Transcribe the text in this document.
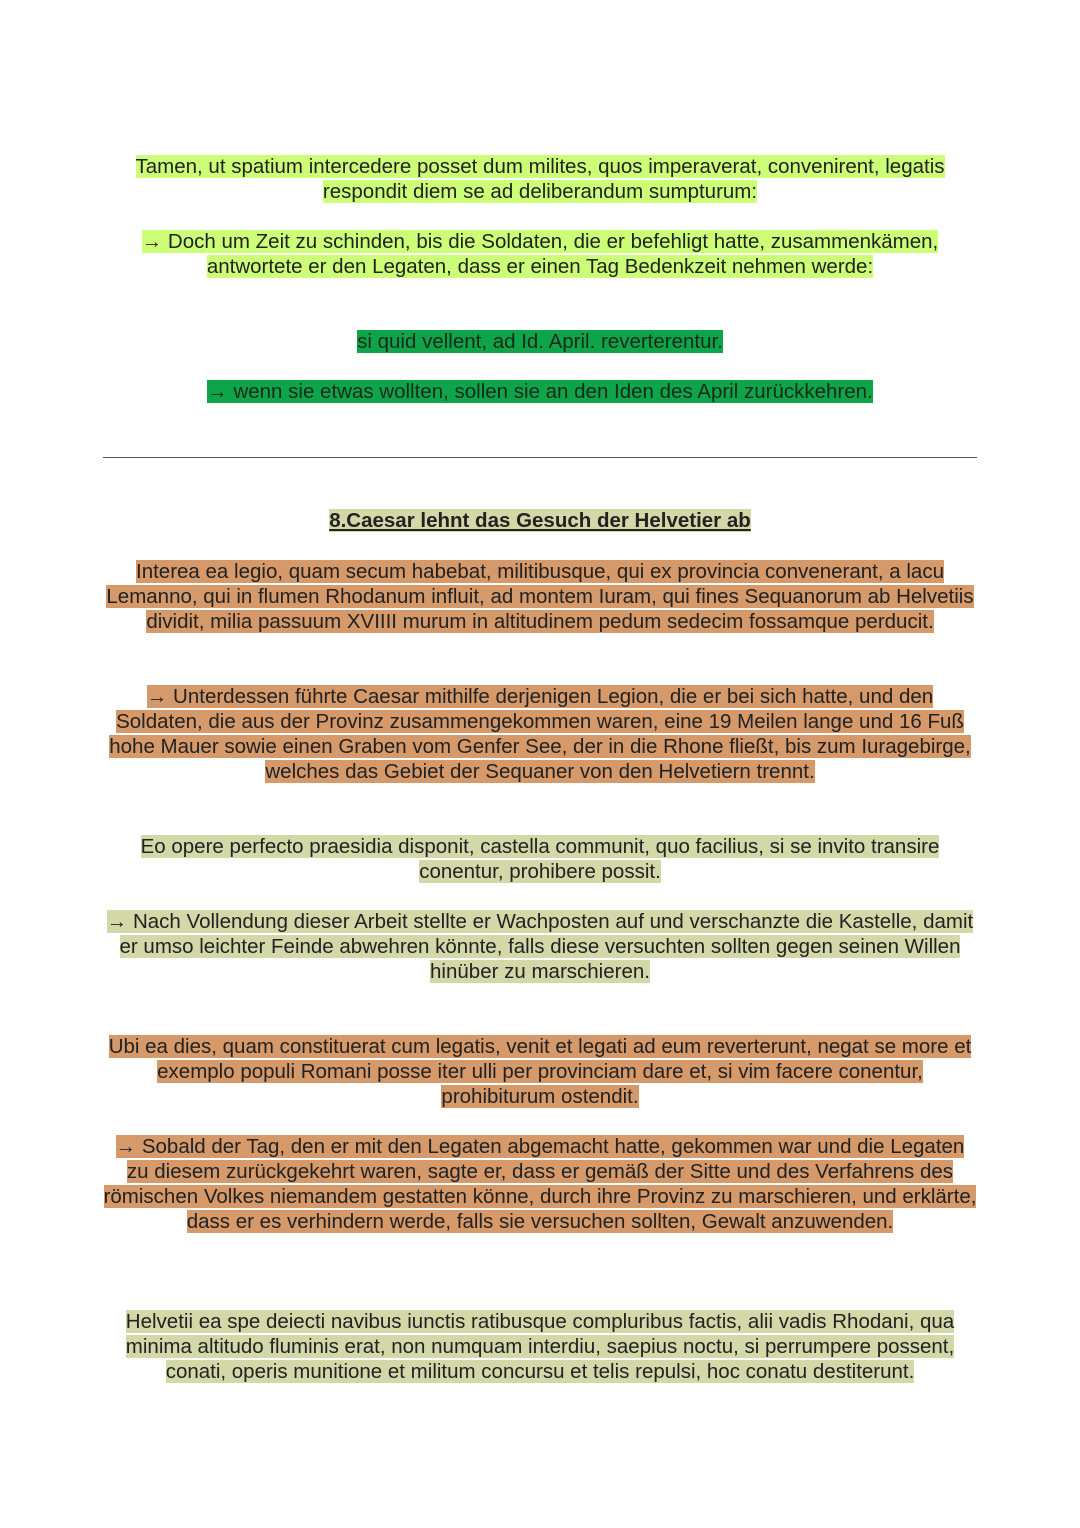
Tamen, ut spatium intercedere posset dum milites, quos imperaverat, convenirent, legatis respondit diem se ad deliberandum sumpturum:

→ Doch um Zeit zu schinden, bis die Soldaten, die er befehligt hatte, zusammenkämen, antwortete er den Legaten, dass er einen Tag Bedenkzeit nehmen werde:

si quid vellent, ad Id. April. reverterentur.

→ wenn sie etwas wollten, sollen sie an den Iden des April zurückkehren.

8.Caesar lehnt das Gesuch der Helvetier ab

Interea ea legio, quam secum habebat, militibusque, qui ex provincia convenerant, a lacu Lemanno, qui in flumen Rhodanum influit, ad montem Iuram, qui fines Sequanorum ab Helvetiis dividit, milia passuum XVIIII murum in altitudinem pedum sedecim fossamque perducit.

→ Unterdessen führte Caesar mithilfe derjenigen Legion, die er bei sich hatte, und den Soldaten, die aus der Provinz zusammengekommen waren, eine 19 Meilen lange und 16 Fuß hohe Mauer sowie einen Graben vom Genfer See, der in die Rhone fließt, bis zum Iuragebirge, welches das Gebiet der Sequaner von den Helvetiern trennt.

Eo opere perfecto praesidia disponit, castella communit, quo facilius, si se invito transire conentur, prohibere possit.

→ Nach Vollendung dieser Arbeit stellte er Wachposten auf und verschanzte die Kastelle, damit er umso leichter Feinde abwehren könnte, falls diese versuchten sollten gegen seinen Willen hinüber zu marschieren.

Ubi ea dies, quam constituerat cum legatis, venit et legati ad eum reverterunt, negat se more et exemplo populi Romani posse iter ulli per provinciam dare et, si vim facere conentur, prohibiturum ostendit.

→ Sobald der Tag, den er mit den Legaten abgemacht hatte, gekommen war und die Legaten zu diesem zurückgekehrt waren, sagte er, dass er gemäß der Sitte und des Verfahrens des römischen Volkes niemandem gestatten könne, durch ihre Provinz zu marschieren, und erklärte, dass er es verhindern werde, falls sie versuchen sollten, Gewalt anzuwenden.

Helvetii ea spe deiecti navibus iunctis ratibusque compluribus factis, alii vadis Rhodani, qua minima altitudo fluminis erat, non numquam interdiu, saepius noctu, si perrumpere possent, conati, operis munitione et militum concursu et telis repulsi, hoc conatu destiterunt.
